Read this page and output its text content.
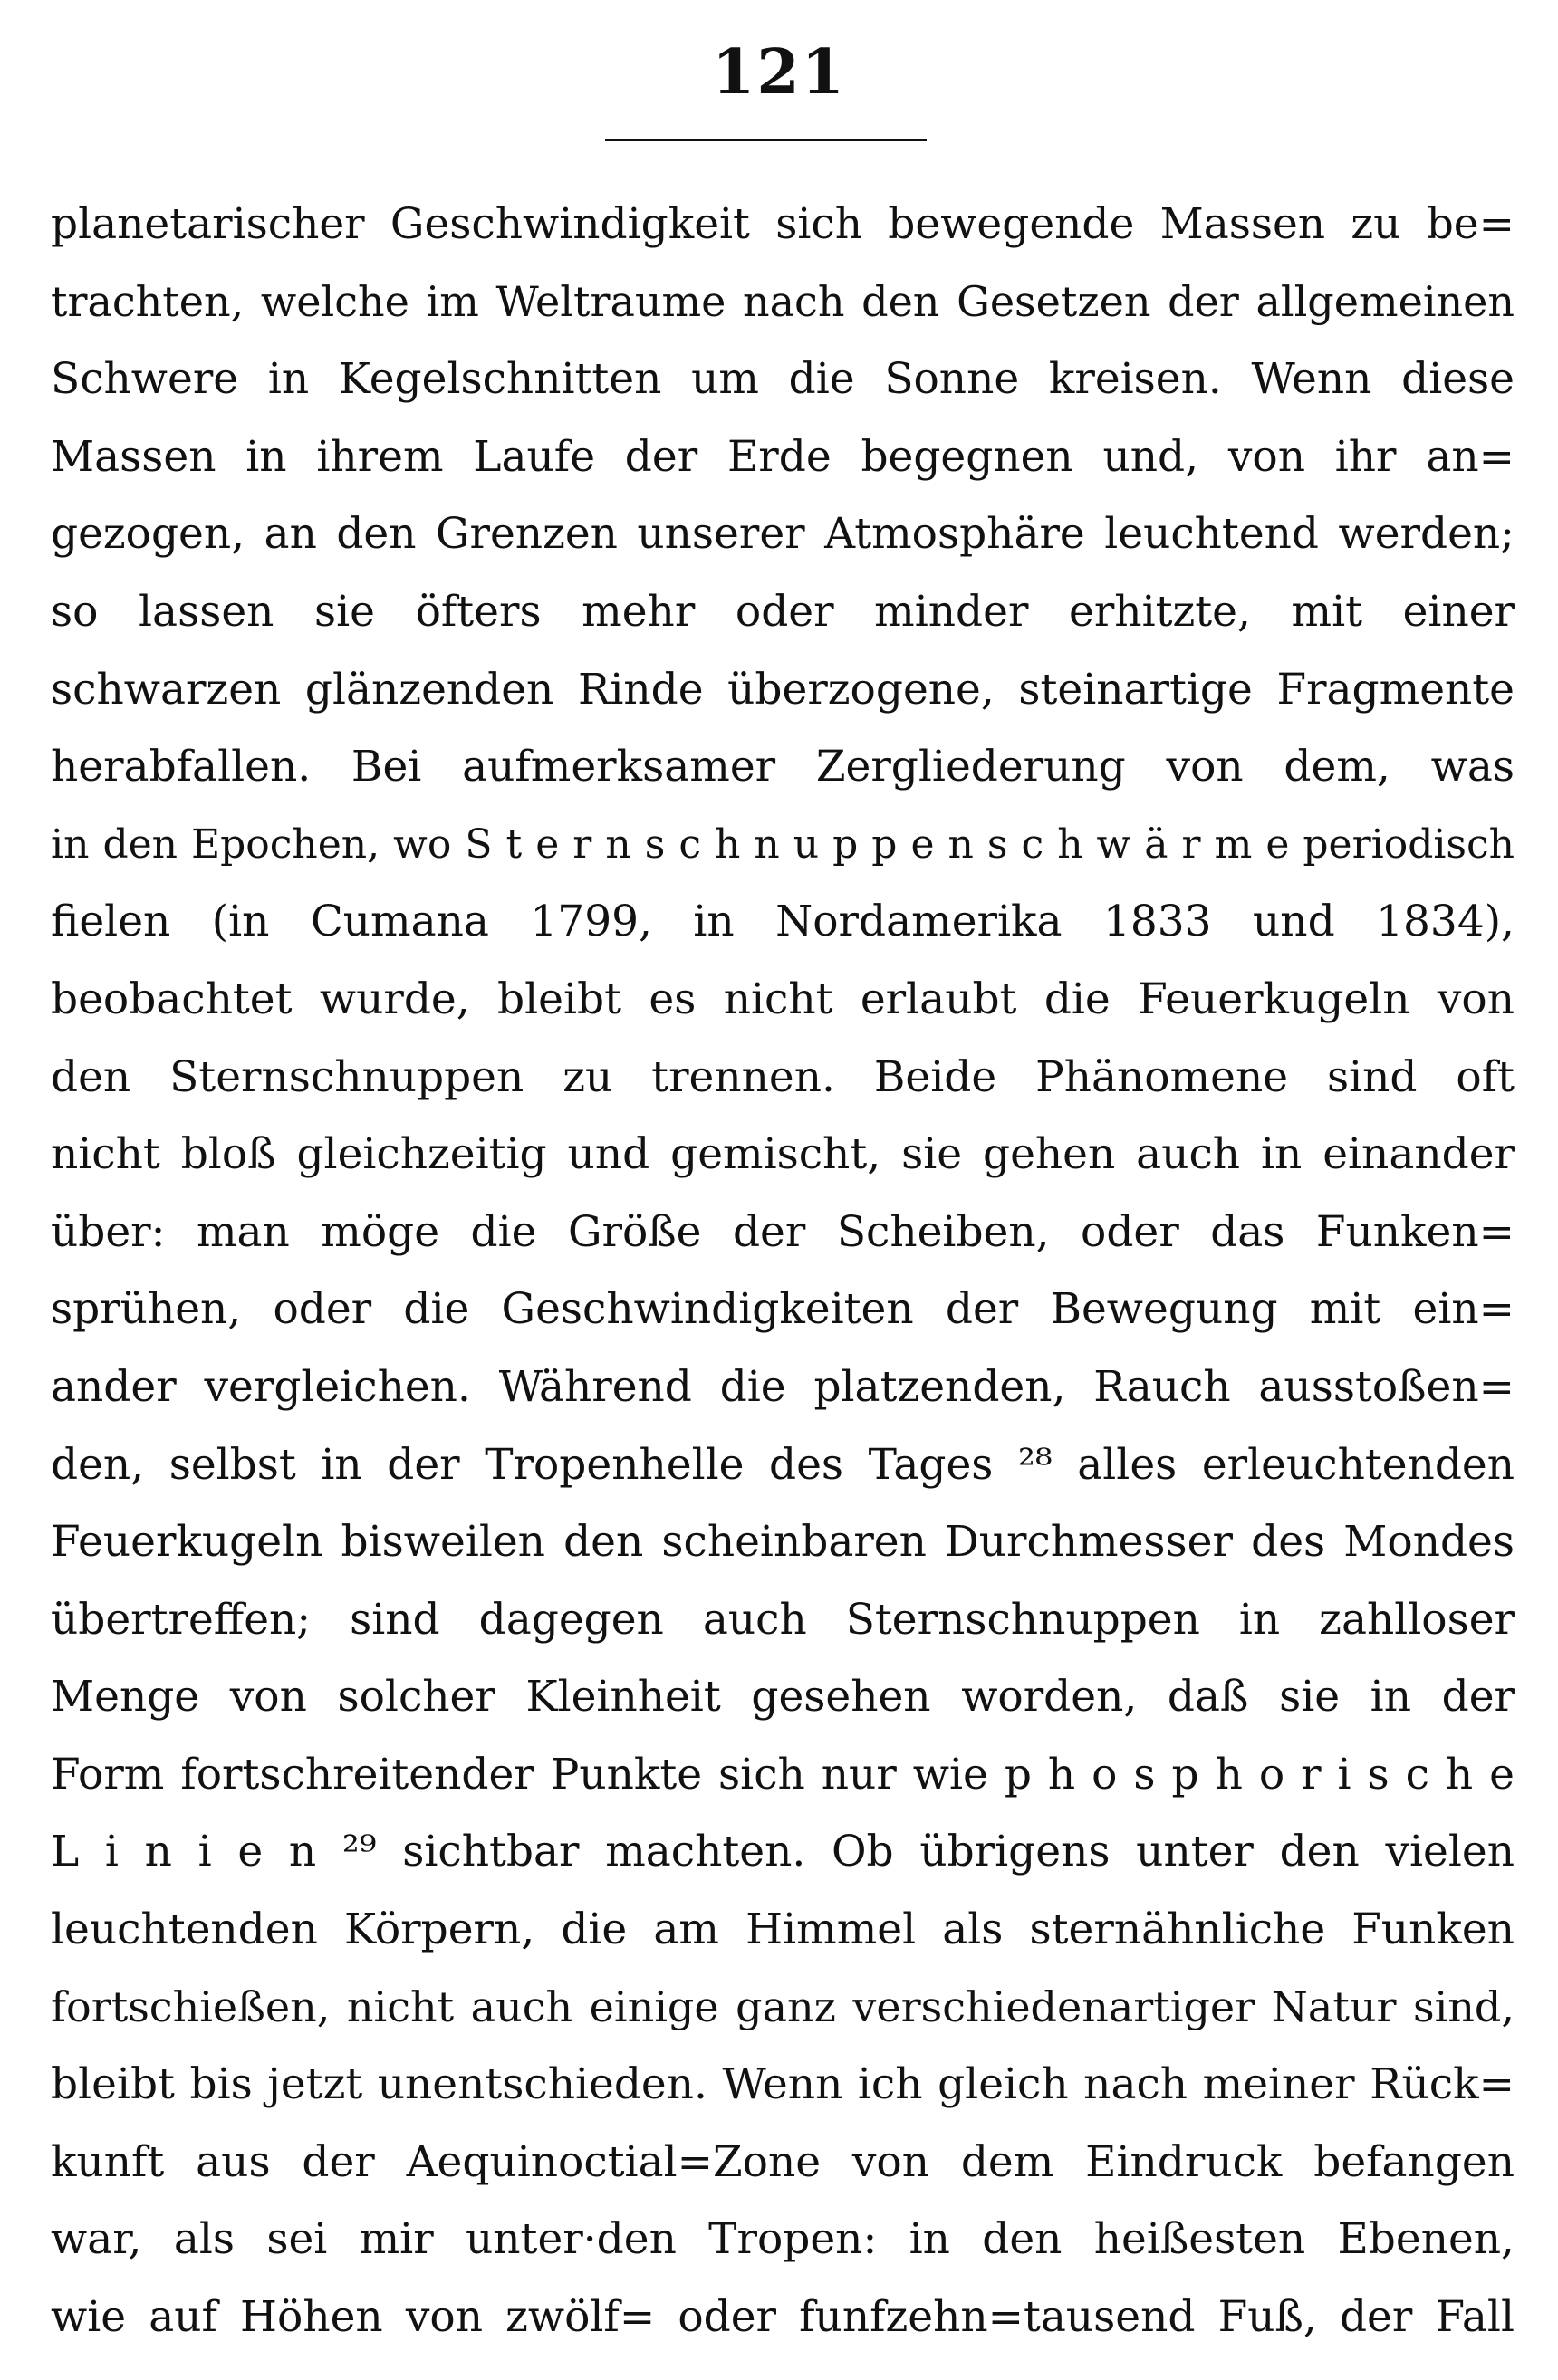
121
planetarischer Geschwindigkeit sich bewegende Massen zu be=
trachten, welche im Weltraume nach den Gesetzen der allgemeinen
Schwere in Kegelschnitten um die Sonne kreisen. Wenn diese
Massen in ihrem Laufe der Erde begegnen und, von ihr an=
gezogen, an den Grenzen unserer Atmosphäre leuchtend werden;
so lassen sie öfters mehr oder minder erhitzte, mit einer
schwarzen glänzenden Rinde überzogene, steinartige Fragmente
herabfallen. Bei aufmerksamer Zergliederung von dem, was
in den Epochen, wo S t e r n s c h n u p p e n s c h w ä r m e periodisch
fielen (in Cumana 1799, in Nordamerika 1833 und 1834),
beobachtet wurde, bleibt es nicht erlaubt die Feuerkugeln von
den Sternschnuppen zu trennen. Beide Phänomene sind oft
nicht bloß gleichzeitig und gemischt, sie gehen auch in einander
über: man möge die Größe der Scheiben, oder das Funken=
sprühen, oder die Geschwindigkeiten der Bewegung mit ein=
ander vergleichen. Während die platzenden, Rauch ausstoßen=
den, selbst in der Tropenhelle des Tages ²⁸ alles erleuchtenden
Feuerkugeln bisweilen den scheinbaren Durchmesser des Mondes
übertreffen; sind dagegen auch Sternschnuppen in zahlloser
Menge von solcher Kleinheit gesehen worden, daß sie in der
Form fortschreitender Punkte sich nur wie p h o s p h o r i s c h e
L i n i e n ²⁹ sichtbar machten. Ob übrigens unter den vielen
leuchtenden Körpern, die am Himmel als sternähnliche Funken
fortschießen, nicht auch einige ganz verschiedenartiger Natur sind,
bleibt bis jetzt unentschieden. Wenn ich gleich nach meiner Rück=
kunft aus der Aequinoctial=Zone von dem Eindruck befangen
war, als sei mir unter·den Tropen: in den heißesten Ebenen,
wie auf Höhen von zwölf= oder funfzehn=tausend Fuß, der Fall
